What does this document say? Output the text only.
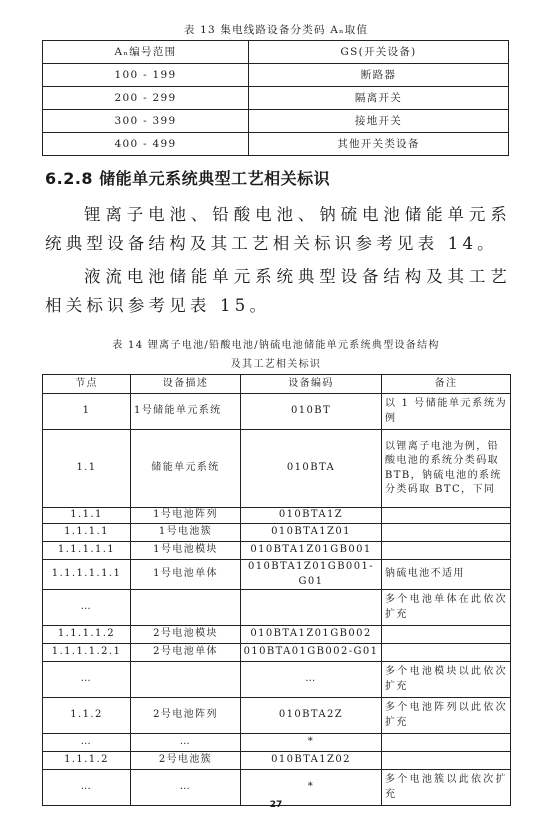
表 13 集电线路设备分类码 Aₙ取值
Aₙ编号范围	GS(开关设备)
100 - 199	断路器
200 - 299	隔离开关
300 - 399	接地开关
400 - 499	其他开关类设备
6.2.8 储能单元系统典型工艺相关标识
锂离子电池、铅酸电池、钠硫电池储能单元系统典型设备结构及其工艺相关标识参考见表 14。
液流电池储能单元系统典型设备结构及其工艺相关标识参考见表 15。
表 14 锂离子电池/铅酸电池/钠硫电池储能单元系统典型设备结构
及其工艺相关标识
节点	设备描述	设备编码	备注
1	1号储能单元系统	010BT	以 1 号储能单元系统为例
1.1	储能单元系统	010BTA	以锂离子电池为例，铅酸电池的系统分类码取 BTB，钠硫电池的系统分类码取 BTC，下同
1.1.1	1号电池阵列	010BTA1Z	
1.1.1.1	1号电池簇	010BTA1Z01	
1.1.1.1.1	1号电池模块	010BTA1Z01GB001	
1.1.1.1.1.1	1号电池单体	010BTA1Z01GB001-G01	钠硫电池不适用
…			多个电池单体在此依次扩充
1.1.1.1.2	2号电池模块	010BTA1Z01GB002	
1.1.1.1.2.1	2号电池单体	010BTA01GB002-G01	
…		…	多个电池模块以此依次扩充
1.1.2	2号电池阵列	010BTA2Z	多个电池阵列以此依次扩充
…	…	*	
1.1.1.2	2号电池簇	010BTA1Z02	
…	…	*	多个电池簇以此依次扩充
27
